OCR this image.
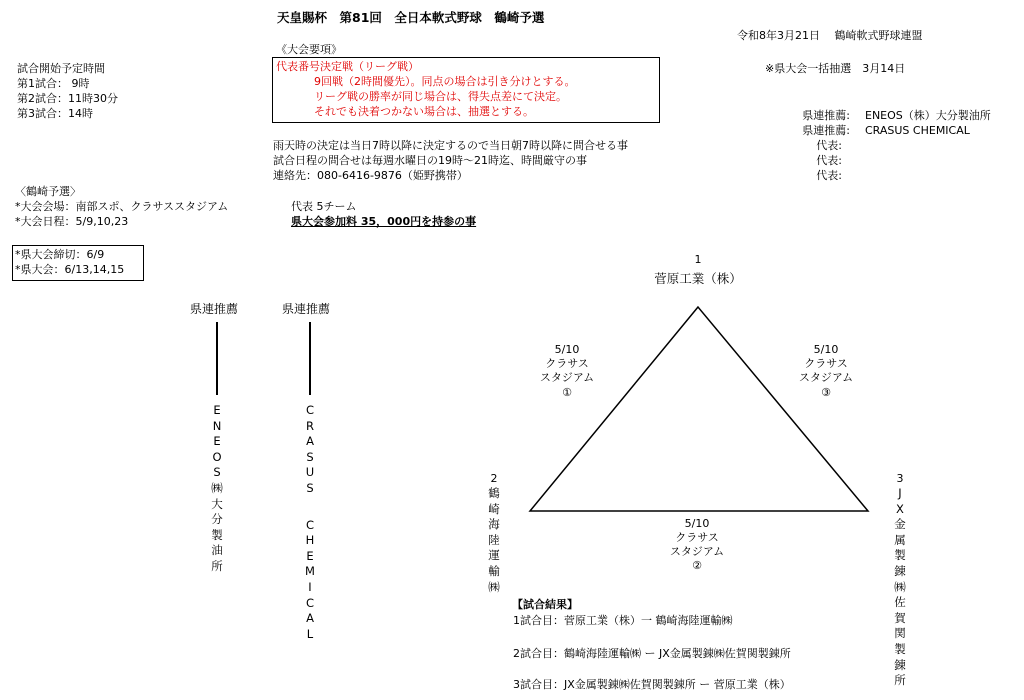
天皇賜杯　第81回　全日本軟式野球　鶴崎予選
令和8年3月21日　 鶴崎軟式野球連盟
※県大会一括抽選　3月14日
試合開始予定時間
第1試合： 9時
第2試合：11時30分
第3試合：14時
《大会要項》
代表番号決定戦（リーグ戦）
9回戦（2時間優先）。同点の場合は引き分けとする。
リーグ戦の勝率が同じ場合は、得失点差にて決定。
それでも決着つかない場合は、抽選とする。
雨天時の決定は当日7時以降に決定するので当日朝7時以降に問合せる事
試合日程の問合せは毎週水曜日の19時～21時迄、時間厳守の事
連絡先：080-6416-9876（姫野携帯）
県連推薦: ENEOS（株）大分製油所
県連推薦: CRASUS CHEMICAL
代表:
代表:
代表:
〈鶴崎予選〉
*大会会場：南部スポ、クラサススタジアム
*大会日程：5/9,10,23
代表 5チーム
県大会参加料 35，000円を持参の事
*県大会締切：6/9
*県大会：6/13,14,15
県連推薦	県連推薦
E
N
E
O
S
㈱
大
分
製
油
所
C
R
A
S
U
S
C
H
E
M
I
C
A
L
1
菅原工業（株）
2
鶴
崎
海
陸
運
輸
㈱
3
J
X
金
属
製
錬
㈱
佐
賀
関
製
錬
所
5/10
クラサス
スタジアム
①
5/10
クラサス
スタジアム
③
5/10
クラサス
スタジアム
②
【試合結果】
1試合目：菅原工業（株）一 鶴崎海陸運輸㈱
2試合目：鶴崎海陸運輸㈱ ー JX金属製錬㈱佐賀関製錬所
3試合目：JX金属製錬㈱佐賀関製錬所 ー 菅原工業（株）
